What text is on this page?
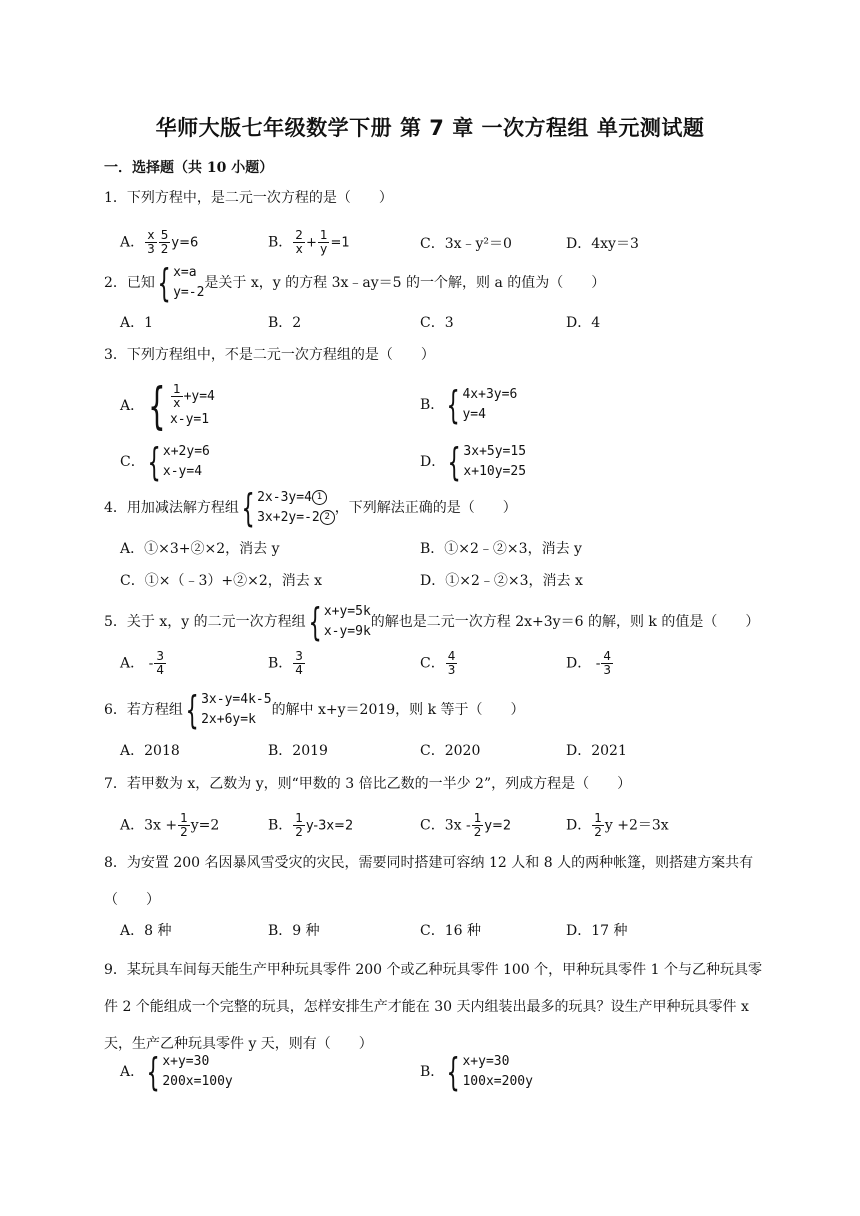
华师大版七年级数学下册 第 7 章 一次方程组 单元测试题
一．选择题（共 10 小题）
1．下列方程中，是二元一次方程的是（　　）
A． $\frac{x}{3} \frac{5}{2} y=6$	B． $\frac{2}{x} + \frac{1}{y} =1$	C．3x﹣y²＝0	D．4xy＝3
2．已知 { x=a
y=-2
是关于 x，y 的方程 3x﹣ay＝5 的一个解，则 a 的值为（　　）
A．1	B．2	C．3	D．4
3．下列方程组中，不是二元一次方程组的是（　　）
A． { $\frac{1}{x} +y=4$
x-y=1
B． { 4x+3y=6
y=4
C． { x+2y=6
x-y=4
D． { 3x+5y=15
x+10y=25
4．用加减法解方程组 { 2x-3y=4 1
3x+2y=-2 2
，下列解法正确的是（　　）
A．①×3+②×2，消去 y	B．①×2﹣②×3，消去 y
C．①×（﹣3）+②×2，消去 x	D．①×2﹣②×3，消去 x
5．关于 x，y 的二元一次方程组 { x+y=5k
x-y=9k
的解也是二元一次方程 2x+3y＝6 的解，则 k 的值是（　　）
A． - $\frac{3}{4}$	B． $\frac{3}{4}$	C． $\frac{4}{3}$	D． - $\frac{4}{3}$
6．若方程组 { 3x-y=4k-5
2x+6y=k
的解中 x+y＝2019，则 k 等于（　　）
A．2018	B．2019	C．2020	D．2021
7．若甲数为 x，乙数为 y，则“甲数的 3 倍比乙数的一半少 2”，列成方程是（　　）
A．$3x + \frac{1}{2} y=2$	B． $\frac{1}{2} y-3x=2$	C．$3x - \frac{1}{2} y=2$	D． $\frac{1}{2}$ y +2＝3x
8．为安置 200 名因暴风雪受灾的灾民，需要同时搭建可容纳 12 人和 8 人的两种帐篷，则搭建方案共有（　　）
A．8 种	B．9 种	C．16 种	D．17 种
9．某玩具车间每天能生产甲种玩具零件 200 个或乙种玩具零件 100 个，甲种玩具零件 1 个与乙种玩具零件 2 个能组成一个完整的玩具，怎样安排生产才能在 30 天内组装出最多的玩具？设生产甲种玩具零件 x 天，生产乙种玩具零件 y 天，则有（　　）
A． { x+y=30
200x=100y
B． { x+y=30
100x=200y
